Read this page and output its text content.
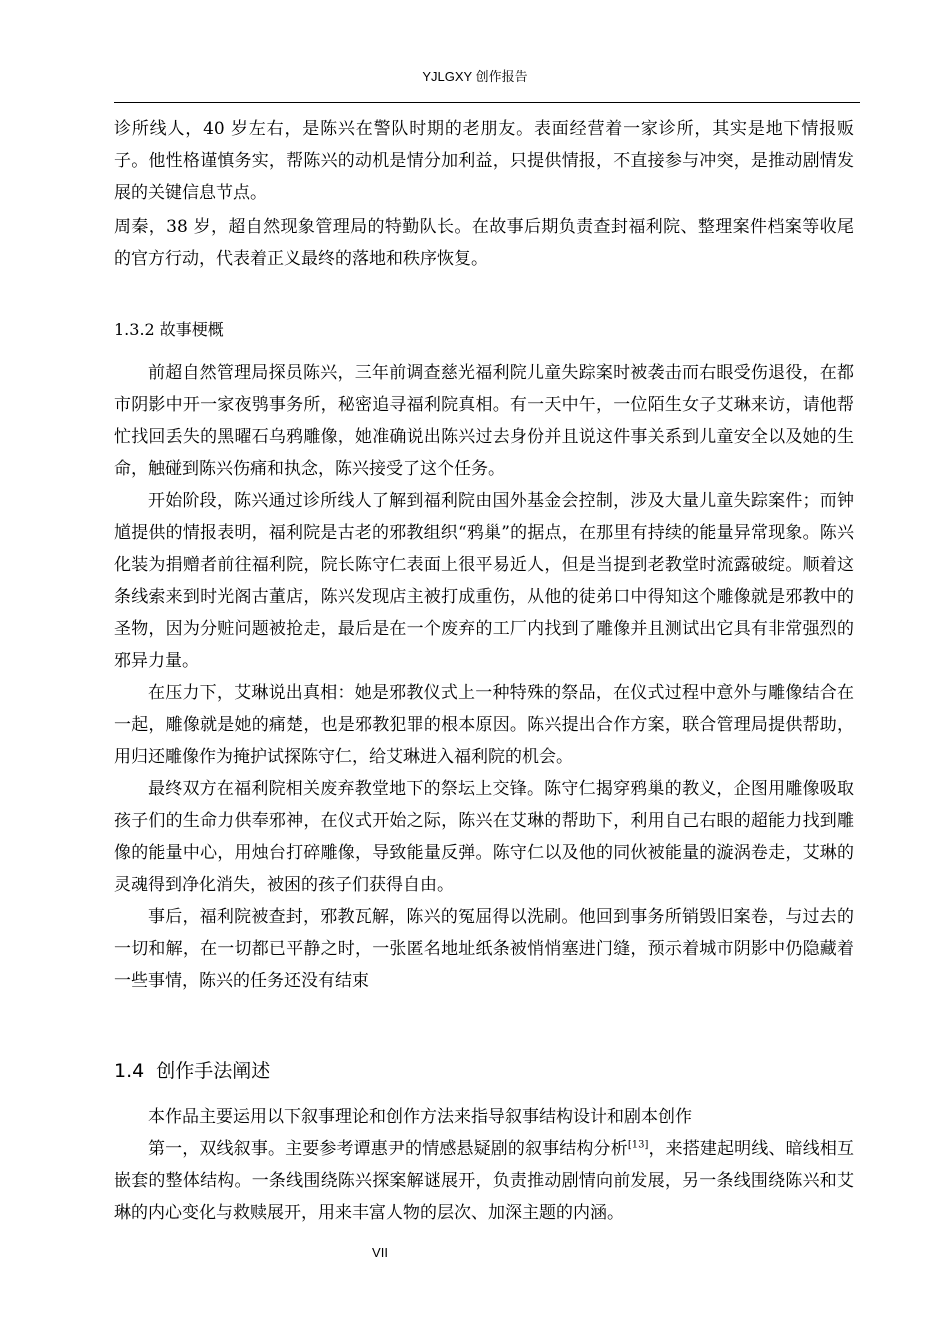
YJLGXY 创作报告

诊所线人，40 岁左右，是陈兴在警队时期的老朋友。表面经营着一家诊所，其实是地下情报贩子。他性格谨慎务实，帮陈兴的动机是情分加利益，只提供情报，不直接参与冲突，是推动剧情发展的关键信息节点。

周秦，38 岁，超自然现象管理局的特勤队长。在故事后期负责查封福利院、整理案件档案等收尾的官方行动，代表着正义最终的落地和秩序恢复。

1.3.2 故事梗概

前超自然管理局探员陈兴，三年前调查慈光福利院儿童失踪案时被袭击而右眼受伤退役，在都市阴影中开一家夜鸮事务所，秘密追寻福利院真相。有一天中午，一位陌生女子艾琳来访，请他帮忙找回丢失的黑曜石乌鸦雕像，她准确说出陈兴过去身份并且说这件事关系到儿童安全以及她的生命，触碰到陈兴伤痛和执念，陈兴接受了这个任务。

开始阶段，陈兴通过诊所线人了解到福利院由国外基金会控制，涉及大量儿童失踪案件；而钟馗提供的情报表明，福利院是古老的邪教组织“鸦巢”的据点，在那里有持续的能量异常现象。陈兴化装为捐赠者前往福利院，院长陈守仁表面上很平易近人，但是当提到老教堂时流露破绽。顺着这条线索来到时光阁古董店，陈兴发现店主被打成重伤，从他的徒弟口中得知这个雕像就是邪教中的圣物，因为分赃问题被抢走，最后是在一个废弃的工厂内找到了雕像并且测试出它具有非常强烈的邪异力量。

在压力下，艾琳说出真相：她是邪教仪式上一种特殊的祭品，在仪式过程中意外与雕像结合在一起，雕像就是她的痛楚，也是邪教犯罪的根本原因。陈兴提出合作方案，联合管理局提供帮助，用归还雕像作为掩护试探陈守仁，给艾琳进入福利院的机会。

最终双方在福利院相关废弃教堂地下的祭坛上交锋。陈守仁揭穿鸦巢的教义，企图用雕像吸取孩子们的生命力供奉邪神，在仪式开始之际，陈兴在艾琳的帮助下，利用自己右眼的超能力找到雕像的能量中心，用烛台打碎雕像，导致能量反弹。陈守仁以及他的同伙被能量的漩涡卷走，艾琳的灵魂得到净化消失，被困的孩子们获得自由。

事后，福利院被查封，邪教瓦解，陈兴的冤屈得以洗刷。他回到事务所销毁旧案卷，与过去的一切和解，在一切都已平静之时，一张匿名地址纸条被悄悄塞进门缝，预示着城市阴影中仍隐藏着一些事情，陈兴的任务还没有结束

1.4 创作手法阐述

本作品主要运用以下叙事理论和创作方法来指导叙事结构设计和剧本创作

第一，双线叙事。主要参考谭惠尹的情感悬疑剧的叙事结构分析[13]，来搭建起明线、暗线相互嵌套的整体结构。一条线围绕陈兴探案解谜展开，负责推动剧情向前发展，另一条线围绕陈兴和艾琳的内心变化与救赎展开，用来丰富人物的层次、加深主题的内涵。

VII
